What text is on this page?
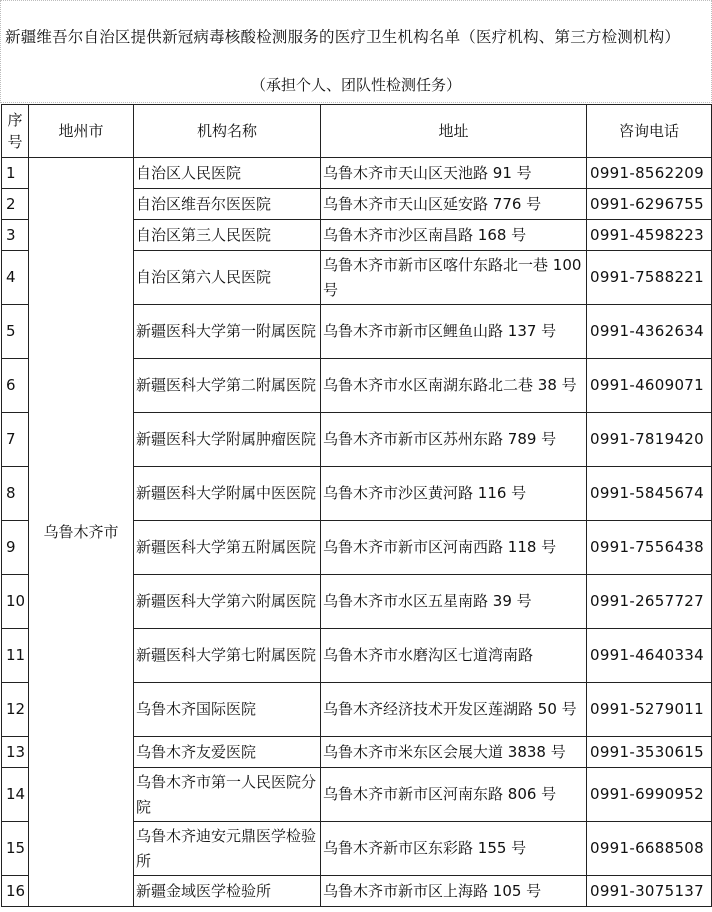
新疆维吾尔自治区提供新冠病毒核酸检测服务的医疗卫生机构名单（医疗机构、第三方检测机构）
（承担个人、团队性检测任务）
序号	地州市	机构名称	地址	咨询电话
1	乌鲁木齐市	自治区人民医院	乌鲁木齐市天山区天池路 91 号	0991-8562209
2		自治区维吾尔医医院	乌鲁木齐市天山区延安路 776 号	0991-6296755
3		自治区第三人民医院	乌鲁木齐市沙区南昌路 168 号	0991-4598223
4		自治区第六人民医院	乌鲁木齐市新市区喀什东路北一巷 100 号	0991-7588221
5		新疆医科大学第一附属医院	乌鲁木齐市新市区鲤鱼山路 137 号	0991-4362634
6		新疆医科大学第二附属医院	乌鲁木齐市水区南湖东路北二巷 38 号	0991-4609071
7		新疆医科大学附属肿瘤医院	乌鲁木齐市新市区苏州东路 789 号	0991-7819420
8		新疆医科大学附属中医医院	乌鲁木齐市沙区黄河路 116 号	0991-5845674
9		新疆医科大学第五附属医院	乌鲁木齐市新市区河南西路 118 号	0991-7556438
10		新疆医科大学第六附属医院	乌鲁木齐市水区五星南路 39 号	0991-2657727
11		新疆医科大学第七附属医院	乌鲁木齐市水磨沟区七道湾南路	0991-4640334
12		乌鲁木齐国际医院	乌鲁木齐经济技术开发区莲湖路 50 号	0991-5279011
13		乌鲁木齐友爱医院	乌鲁木齐市米东区会展大道 3838 号	0991-3530615
14		乌鲁木齐市第一人民医院分院	乌鲁木齐市新市区河南东路 806 号	0991-6990952
15		乌鲁木齐迪安元鼎医学检验所	乌鲁木齐新市区东彩路 155 号	0991-6688508
16		新疆金域医学检验所	乌鲁木齐市新市区上海路 105 号	0991-3075137
